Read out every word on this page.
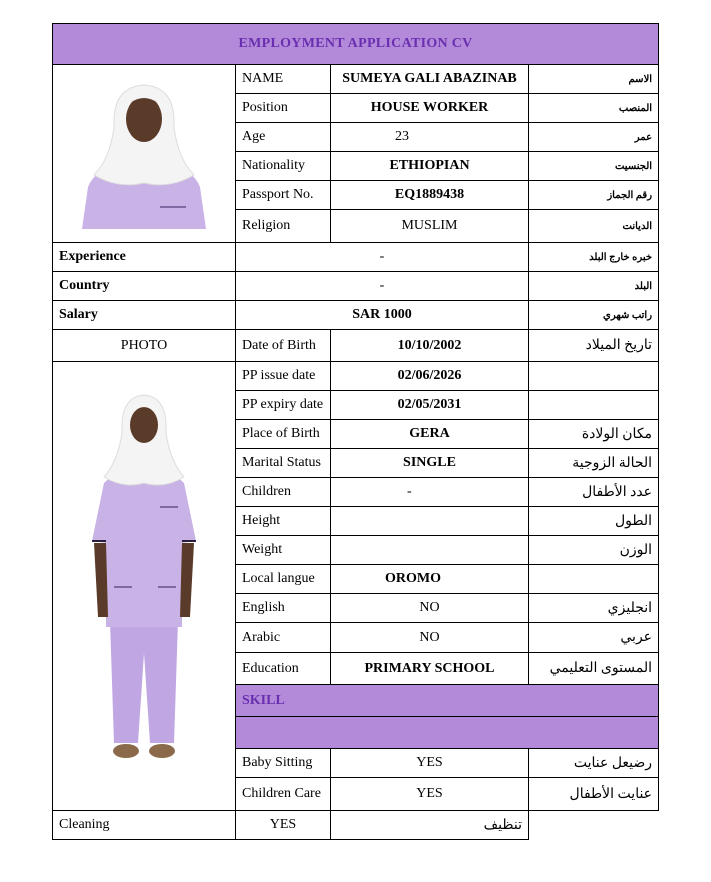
EMPLOYMENT APPLICATION CV			

	NAME	SUMEYA GALI ABAZINAB	الاسم
	Position	HOUSE WORKER	المنصب
	Age	23	عمر
	Nationality	ETHIOPIAN	الجنسيت
	Passport No.	EQ1889438	رقم الجماز
	Religion	MUSLIM	الديانت
Experience	-		خبره خارج البلد
Country	-		البلد
Salary	SAR 1000		راتب شهري
PHOTO	Date of Birth	10/10/2002	تاريخ الميلاد

	PP issue date	02/06/2026	
	PP expiry date	02/05/2031	
	Place of Birth	GERA	مكان الولادة
	Marital Status	SINGLE	الحالة الزوجية
	Children	-	عدد الأطفال
	Height		الطول
	Weight		الوزن
	Local langue	OROMO	
	English	NO	انجليزي
	Arabic	NO	عربي
	Education	PRIMARY SCHOOL	المستوى التعليمي
	SKILL		

	Baby Sitting	YES	رضيعل عنايت
	Children Care	YES	عنايت الأطفال
Cleaning	YES	تنظيف	
